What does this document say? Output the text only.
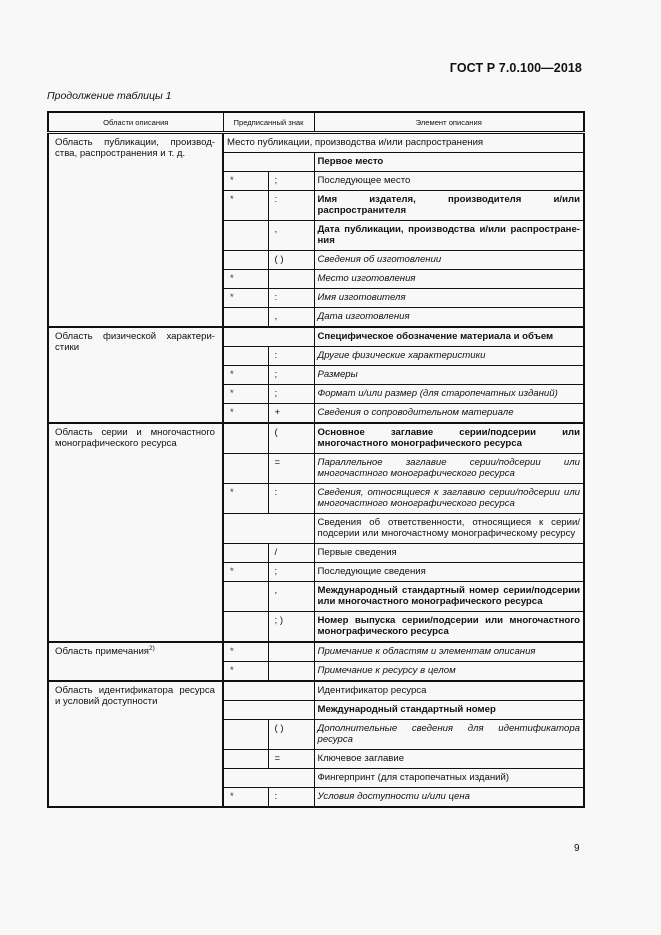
ГОСТ Р 7.0.100—2018
Продолжение таблицы 1
Области описания	Предписанный знак		Элемент описания
Область публикации, производ-ства, распространения и т. д.	Место публикации, производства и/или распространения		
			Первое место
	*	;	Последующее место
	*	:	Имя издателя, производителя и/или распространителя
		,	Дата публикации, производства и/или распростране-ния
		( )	Сведения об изготовлении
	*		Место изготовления
	*	:	Имя изготовителя
		,	Дата изготовления
Область физической характери-стики			Специфическое обозначение материала и объем
		:	Другие физические характеристики
	*	;	Размеры
	*	;	Формат и/или размер (для старопечатных изданий)
	*	+	Сведения о сопроводительном материале
Область серии и многочастного монографического ресурса		(	Основное заглавие серии/подсерии или многочастного монографического ресурса
		=	Параллельное заглавие серии/подсерии или многочастного монографического ресурса
	*	:	Сведения, относящиеся к заглавию серии/подсерии или многочастного монографического ресурса
			Сведения об ответственности, относящиеся к серии/подсерии или многочастному монографическому ресурсу
		/	Первые сведения
	*	;	Последующие сведения
		,	Международный стандартный номер серии/подсерии или многочастного монографического ресурса
		; )	Номер выпуска серии/подсерии или многочастного монографического ресурса
Область примечания$^{2)}$	*		Примечание к областям и элементам описания
	*		Примечание к ресурсу в целом
Область идентификатора ресурса и условий доступности			Идентификатор ресурса
			Международный стандартный номер
		( )	Дополнительные сведения для идентификатора ресурса
		=	Ключевое заглавие
			Фингерпринт (для старопечатных изданий)
	*	:	Условия доступности и/или цена
9
